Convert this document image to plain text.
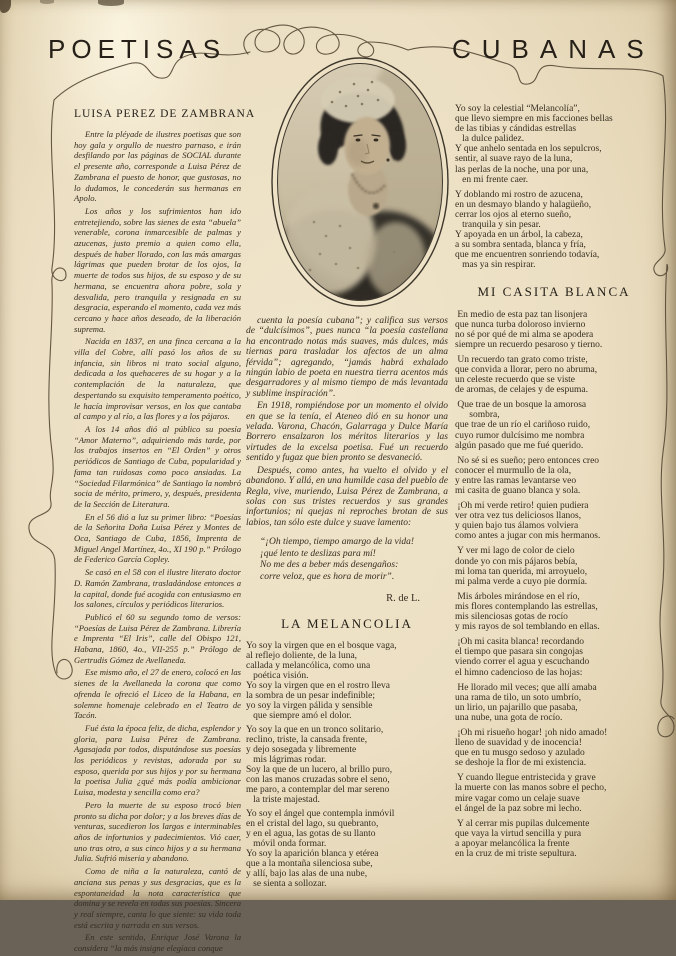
POETISAS	CUBANAS
LUISA PEREZ DE ZAMBRANA
Entre la pléyade de ilustres poetisas que son hoy gala y orgullo de nuestro parnaso, e irán desfilando por las páginas de SOCIAL durante el presente año, corresponde a Luisa Pérez de Zambrana el puesto de honor, que gustosas, no lo dudamos, le concederán sus hermanas en Apolo.
Los años y los sufrimientos han ido entretejiendo, sobre las sienes de esta “abuela” venerable, corona inmarcesible de palmas y azucenas, justo premio a quien como ella, después de haber llorado, con las más amargas lágrimas que pueden brotar de los ojos, la muerte de todos sus hijos, de su esposo y de su hermana, se encuentra ahora pobre, sola y desvalida, pero tranquila y resignada en su desgracia, esperando el momento, cada vez más cercano y hace años deseado, de la liberación suprema.
Nacida en 1837, en una finca cercana a la villa del Cobre, allí pasó los años de su infancia, sin libros ni trato social alguno, dedicada a los quehaceres de su hogar y a la contemplación de la naturaleza, que despertando su exquisito temperamento poético, le hacía improvisar versos, en los que cantaba al campo y al río, a las flores y a los pájaros.
A los 14 años dió al público su poesía “Amor Materno”, adquiriendo más tarde, por los trabajos insertos en “El Orden” y otros periódicos de Santiago de Cuba, popularidad y fama tan ruidosas como poco ansiadas. La “Sociedad Filarmónica” de Santiago la nombró socia de mérito, primero, y, después, presidenta de la Sección de Literatura.
En el 56 dió a luz su primer libro: “Poesías de la Señorita Doña Luisa Pérez y Montes de Oca, Santiago de Cuba, 1856, Imprenta de Miguel Angel Martínez, 4o., XI 190 p.” Prólogo de Federico García Copley.
Se casó en el 58 con el ilustre literato doctor D. Ramón Zambrana, trasladándose entonces a la capital, donde fué acogida con entusiasmo en los salones, círculos y periódicos literarios.
Publicó el 60 su segundo tomo de versos: “Poesías de Luisa Pérez de Zambrana. Librería e Imprenta “El Iris”, calle del Obispo 121, Habana, 1860, 4o., VII-255 p.” Prólogo de Gertrudis Gómez de Avellaneda.
Ese mismo año, el 27 de enero, colocó en las sienes de la Avellaneda la corona que como ofrenda le ofreció el Liceo de la Habana, en solemne homenaje celebrado en el Teatro de Tacón.
Fué ésta la época feliz, de dicha, esplendor y gloria, para Luisa Pérez de Zambrana. Agasajada por todos, disputándose sus poesías los periódicos y revistas, adorada por su esposo, querida por sus hijos y por su hermana la poetisa Julia ¿qué más podía ambicionar Luisa, modesta y sencilla como era?
Pero la muerte de su esposo trocó bien pronto su dicha por dolor; y a los breves días de venturas, sucedieron los largos e interminables años de infortunios y padecimientos. Vió caer, uno tras otro, a sus cinco hijos y a su hermana Julia. Sufrió miseria y abandono.
Como de niña a la naturaleza, cantó de anciana sus penas y sus desgracias, que es la espontaneidad la nota característica que domina y se revela en todas sus poesías. Sincera y real siempre, canta lo que siente: su vida toda está escrita y narrada en sus versos.
En este sentido, Enrique José Varona la considera “la más insigne elegíaca conque
cuenta la poesía cubana”; y califica sus versos de “dulcísimos”, pues nunca “la poesía castellana ha encontrado notas más suaves, más dulces, más tiernas para trasladar los afectos de un alma férvida”; agregando, “jamás habrá exhalado ningún labio de poeta en nuestra tierra acentos más desgarradores y al mismo tiempo de más levantada y sublime inspiración”.
En 1918, rompiéndose por un momento el olvido en que se la tenía, el Ateneo dió en su honor una velada. Varona, Chacón, Galarraga y Dulce María Borrero ensalzaron los méritos literarios y las virtudes de la excelsa poetisa. Fué un recuerdo sentido y fugaz que bien pronto se desvaneció.
Después, como antes, ha vuelto el olvido y el abandono. Y allá, en una humilde casa del pueblo de Regla, vive, muriendo, Luisa Pérez de Zambrana, a solas con sus tristes recuerdos y sus grandes infortunios; ni quejas ni reproches brotan de sus labios, tan sólo este dulce y suave lamento:
“¡Oh tiempo, tiempo amargo de la vida!
¡qué lento te deslizas para mí!
No me des a beber más desengaños:
corre veloz, que es hora de morir”.
R. de L.
LA MELANCOLIA
Yo soy la virgen que en el bosque vaga,
al reflejo doliente, de la luna,
callada y melancólica, como una
poética visión.
Yo soy la virgen que en el rostro lleva
la sombra de un pesar indefinible;
yo soy la virgen pálida y sensible
que siempre amó el dolor.
Yo soy la que en un tronco solitario,
reclino, triste, la cansada frente,
y dejo sosegada y libremente
mis lágrimas rodar.
Soy la que de un lucero, al brillo puro,
con las manos cruzadas sobre el seno,
me paro, a contemplar del mar sereno
la triste majestad.
Yo soy el ángel que contempla inmóvil
en el cristal del lago, su quebranto,
y en el agua, las gotas de su llanto
móvil onda formar.
Yo soy la aparición blanca y etérea
que a la montaña silenciosa sube,
y allí, bajo las alas de una nube,
se sienta a sollozar.
Yo soy la celestial “Melancolía”,
que llevo siempre en mis facciones bellas
de las tibias y cándidas estrellas
la dulce palidez.
Y que anhelo sentada en los sepulcros,
sentir, al suave rayo de la luna,
las perlas de la noche, una por una,
en mi frente caer.
Y doblando mi rostro de azucena,
en un desmayo blando y halagüeño,
cerrar los ojos al eterno sueño,
tranquila y sin pesar.
Y apoyada en un árbol, la cabeza,
a su sombra sentada, blanca y fría,
que me encuentren sonriendo todavía,
mas ya sin respirar.
MI CASITA BLANCA
En medio de esta paz tan lisonjera
que nunca turba doloroso invierno
no sé por qué de mi alma se apodera
siempre un recuerdo pesaroso y tierno.
Un recuerdo tan grato como triste,
que convida a llorar, pero no abruma,
un celeste recuerdo que se viste
de aromas, de celajes y de espuma.
Que trae de un bosque la amorosa
sombra,
que trae de un río el cariñoso ruido,
cuyo rumor dulcísimo me nombra
algún pasado que me fué querido.
No sé si es sueño; pero entonces creo
conocer el murmullo de la ola,
y entre las ramas levantarse veo
mi casita de guano blanca y sola.
¡Oh mi verde retiro! quien pudiera
ver otra vez tus deliciosos llanos,
y quien bajo tus álamos volviera
como antes a jugar con mis hermanos.
Y ver mi lago de color de cielo
donde yo con mis pájaros bebía,
mi loma tan querida, mi arroyuelo,
mi palma verde a cuyo pie dormía.
Mis árboles mirándose en el río,
mis flores contemplando las estrellas,
mis silenciosas gotas de rocío
y mis rayos de sol temblando en ellas.
¡Oh mi casita blanca! recordando
el tiempo que pasara sin congojas
viendo correr el agua y escuchando
el himno cadencioso de las hojas:
He llorado mil veces; que allí amaba
una rama de tilo, un soto umbrío,
un lirio, un pajarillo que pasaba,
una nube, una gota de rocío.
¡Oh mi risueño hogar! ¡oh nido amado!
lleno de suavidad y de inocencia!
que en tu musgo sedoso y azulado
se deshoje la flor de mi existencia.
Y cuando llegue entristecida y grave
la muerte con las manos sobre el pecho,
mire vagar como un celaje suave
el ángel de la paz sobre mi lecho.
Y al cerrar mis pupilas dulcemente
que vaya la virtud sencilla y pura
a apoyar melancólica la frente
en la cruz de mi triste sepultura.
